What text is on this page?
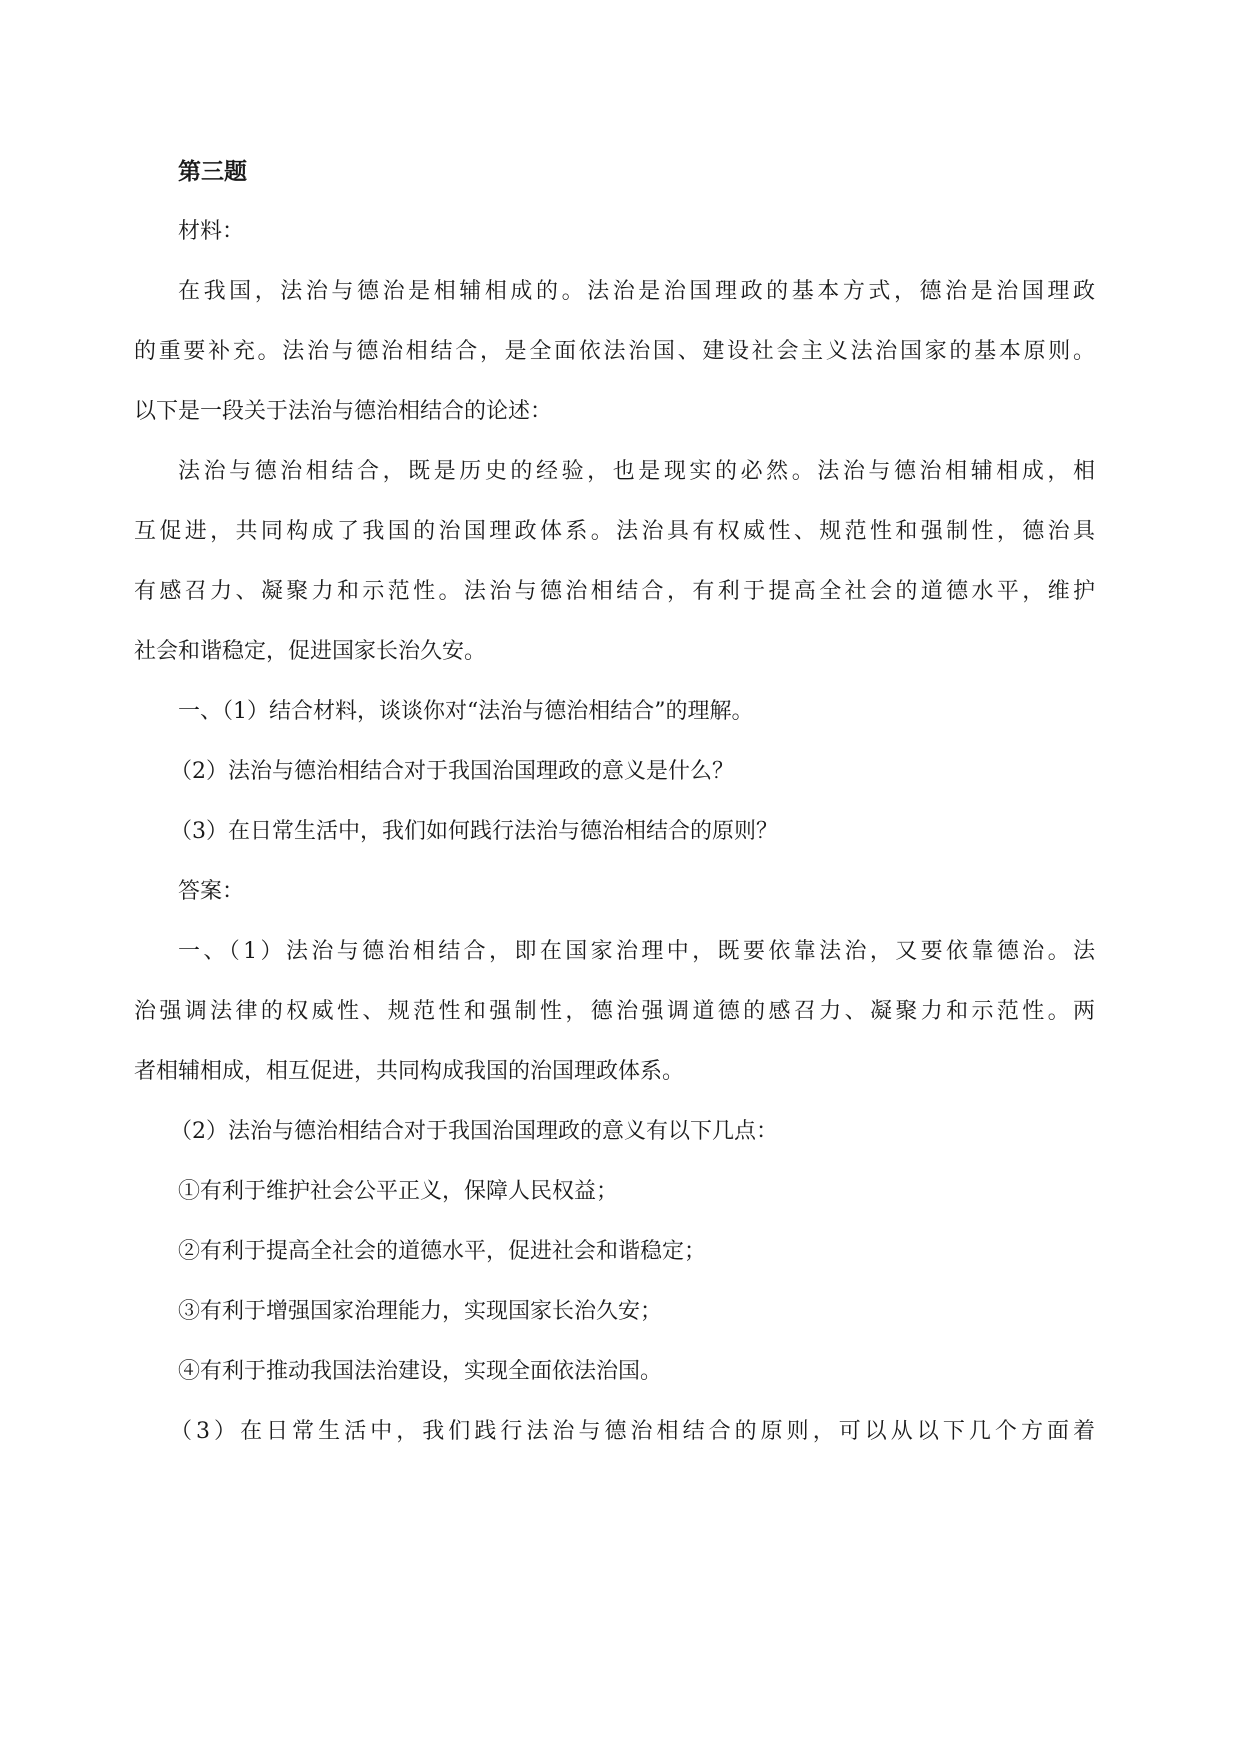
第三题

材料：

在我国，法治与德治是相辅相成的。法治是治国理政的基本方式，德治是治国理政

的重要补充。法治与德治相结合，是全面依法治国、建设社会主义法治国家的基本原则。

以下是一段关于法治与德治相结合的论述：

法治与德治相结合，既是历史的经验，也是现实的必然。法治与德治相辅相成，相

互促进，共同构成了我国的治国理政体系。法治具有权威性、规范性和强制性，德治具

有感召力、凝聚力和示范性。法治与德治相结合，有利于提高全社会的道德水平，维护

社会和谐稳定，促进国家长治久安。

一、（1）结合材料，谈谈你对“法治与德治相结合”的理解。

（2）法治与德治相结合对于我国治国理政的意义是什么？

（3）在日常生活中，我们如何践行法治与德治相结合的原则？

答案：

一、（1）法治与德治相结合，即在国家治理中，既要依靠法治，又要依靠德治。法

治强调法律的权威性、规范性和强制性，德治强调道德的感召力、凝聚力和示范性。两

者相辅相成，相互促进，共同构成我国的治国理政体系。

（2）法治与德治相结合对于我国治国理政的意义有以下几点：

①有利于维护社会公平正义，保障人民权益；

②有利于提高全社会的道德水平，促进社会和谐稳定；

③有利于增强国家治理能力，实现国家长治久安；

④有利于推动我国法治建设，实现全面依法治国。

（3）在日常生活中，我们践行法治与德治相结合的原则，可以从以下几个方面着
